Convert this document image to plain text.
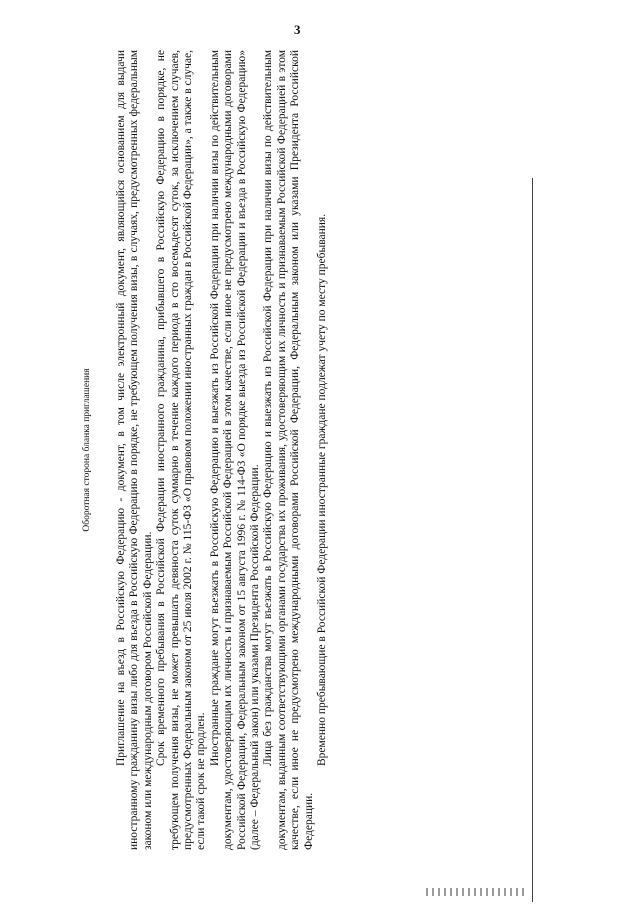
3
Оборотная сторона бланка приглашения Приглашение на въезд в Российскую Федерацию - документ, в том числе электронный документ, являющийся основанием для выдачи иностранному гражданину визы либо для въезда в Российскую Федерацию в порядке, не требующем получения визы, в случаях, предусмотренных федеральным законом или международным договором Российской Федерации. Срок временного пребывания в Российской Федерации иностранного гражданина, прибывшего в Российскую Федерацию в порядке, не требующем получения визы, не может превышать девяноста суток суммарно в течение каждого периода в сто восемьдесят суток, за исключением случаев, предусмотренных Федеральным законом от 25 июля 2002 г. № 115-ФЗ «О правовом положении иностранных граждан в Российской Федерации», а также в случае, если такой срок не продлен.

Иностранные граждане могут въезжать в Российскую Федерацию и выезжать из Российской Федерации при наличии визы по действительным документам, удостоверяющим их личность и признаваемым Российской Федерацией в этом качестве, если иное не предусмотрено международными договорами Российской Федерации, Федеральным законом от 15 августа 1996 г. № 114-ФЗ «О порядке выезда из Российской Федерации и въезда в Российскую Федерацию» (далее – Федеральный закон) или указами Президента Российской Федерации. Лица без гражданства могут въезжать в Российскую Федерацию и выезжать из Российской Федерации при наличии визы по действительным документам, выданным соответствующими органами государства их проживания, удостоверяющим их личность и признаваемым Российской Федерацией в этом качестве, если иное не предусмотрено международными договорами Российской Федерации, Федеральным законом или указами Президента Российской Федерации.

Временно пребывающие в Российской Федерации иностранные граждане подлежат учету по месту пребывания.
